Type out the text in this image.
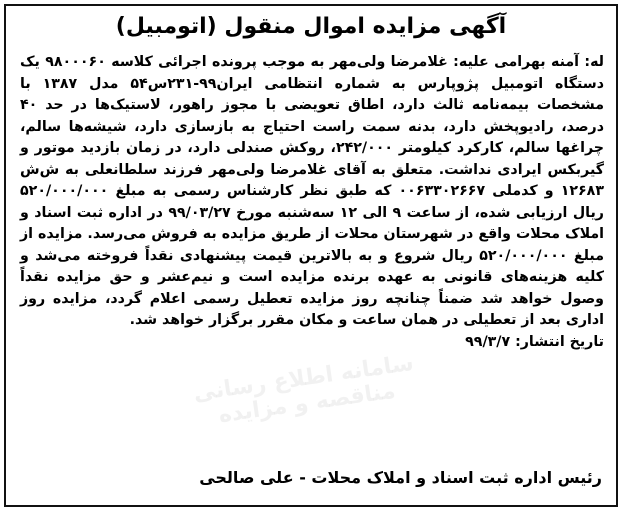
آگهی مزایده اموال منقول (اتومبیل)
سامانه اطلاع رسانی مناقصه و مزایده

له: آمنه بهرامی علیه: غلامرضا ولی‌مهر به موجب پرونده اجرائی کلاسه ۹۸۰۰۰۶۰ یک دستگاه اتومبیل پژوپارس به شماره انتظامی ایران۹۹-۲۳۱س۵۴ مدل ۱۳۸۷ با مشخصات بیمه‌نامه ثالث دارد، اطاق تعویضی با مجوز راهور، لاستیک‌ها در حد ۴۰ درصد، رادیوپخش دارد، بدنه سمت راست احتیاج به بازسازی دارد، شیشه‌ها سالم، چراغها سالم، کارکرد کیلومتر ۲۴۲/۰۰۰، روکش صندلی دارد، در زمان بازدید موتور و گیربکس ایرادی نداشت. متعلق به آقای غلامرضا ولی‌مهر فرزند سلطانعلی به ش‌ش ۱۲۶۸۳ و کدملی ۰۰۶۳۳۰۲۶۶۷ که طبق نظر کارشناس رسمی به مبلغ ۵۲۰/۰۰۰/۰۰۰ ریال ارزیابی شده، از ساعت ۹ الی ۱۲ سه‌شنبه مورخ ۹۹/۰۳/۲۷ در اداره ثبت اسناد و املاک محلات واقع در شهرستان محلات از طریق مزایده به فروش می‌رسد. مزایده از مبلغ ۵۲۰/۰۰۰/۰۰۰ ریال شروع و به بالاترین قیمت پیشنهادی نقداً فروخته می‌شد و کلیه هزینه‌های قانونی به عهده برنده مزایده است و نیم‌عشر و حق مزایده نقداً وصول خواهد شد ضمناً چنانچه روز مزایده تعطیل رسمی اعلام گردد، مزایده روز اداری بعد از تعطیلی در همان ساعت و مکان مقرر برگزار خواهد شد.

تاریخ انتشار: ۹۹/۳/۷

رئیس اداره ثبت اسناد و املاک محلات - علی صالحی
